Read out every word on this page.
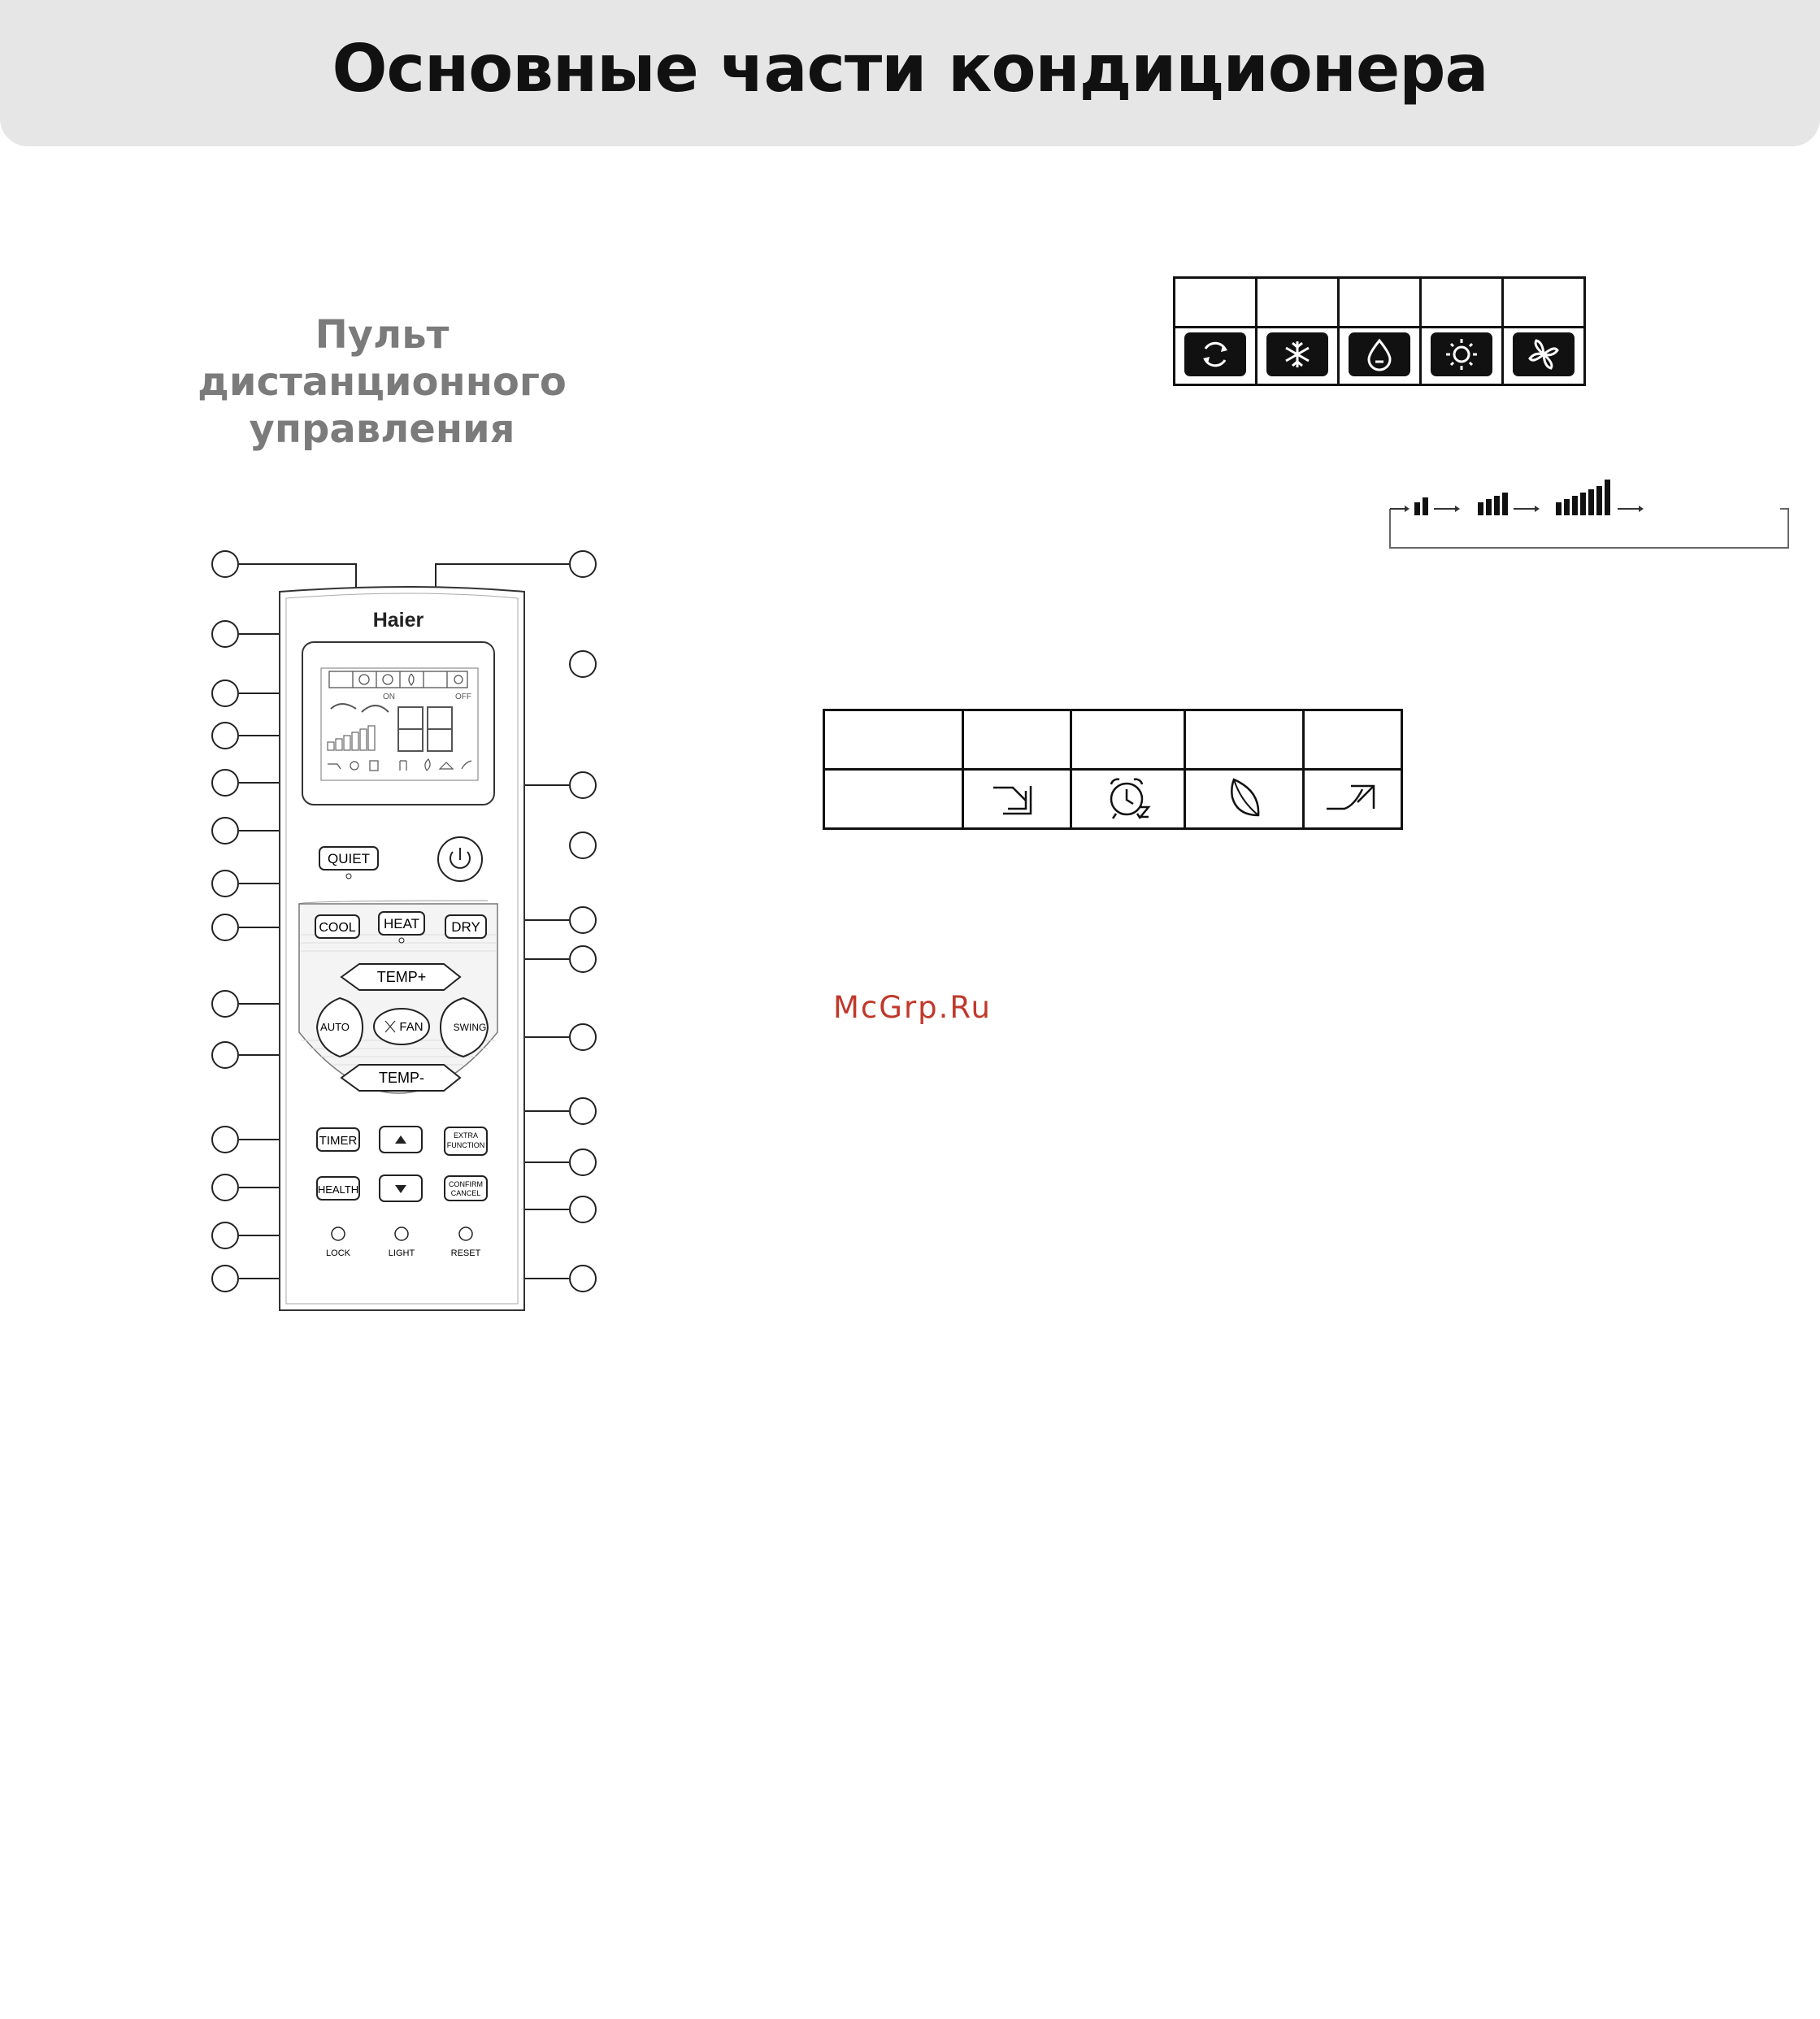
Основные части кондиционера
Пульт дистанционного управления
Haier
ON	OFF
QUIET
HEAT
COOL	DRY
TEMP+
TEMP-
AUTO	FAN	SWING
TIMER
HEALTH
EXTRA
FUNCTION
CONFIRM
CANCEL
LOCK	LIGHT	RESET

McGrp.Ru
